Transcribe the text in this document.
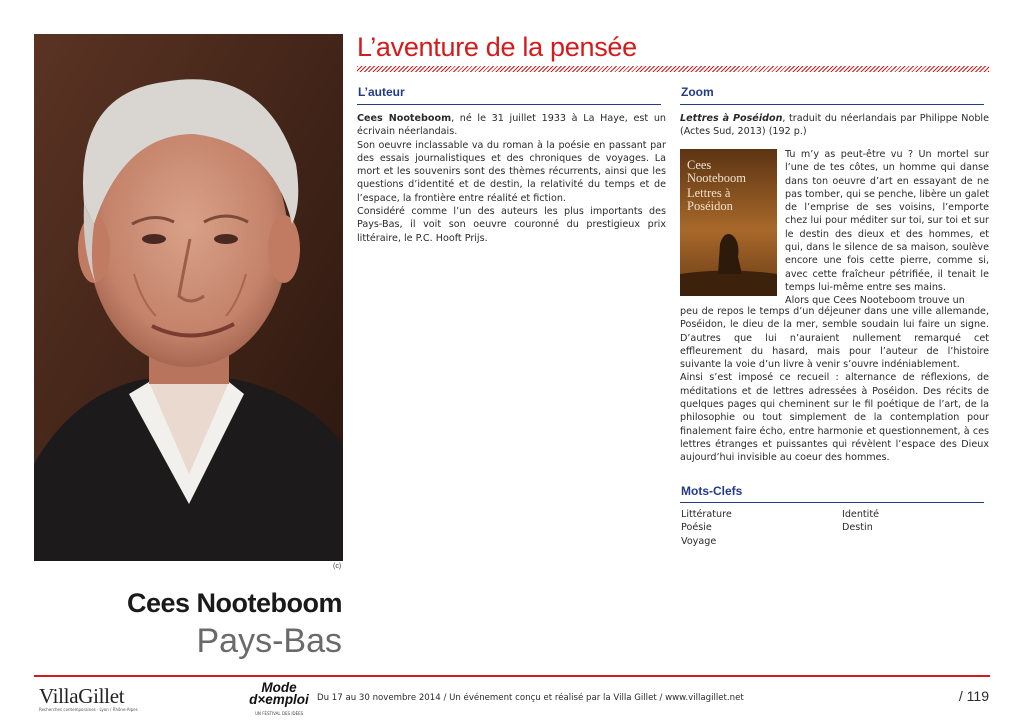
(c)
Cees Nooteboom
Pays-Bas
L’aventure de la pensée
L’auteur

Cees Nooteboom, né le 31 juillet 1933 à La Haye, est un écrivain néerlandais.

Son oeuvre inclassable va du roman à la poésie en passant par des essais journalistiques et des chroniques de voyages. La mort et les souvenirs sont des thèmes récurrents, ainsi que les questions d’identité et de destin, la relativité du temps et de l’espace, la frontière entre réalité et fiction.

Considéré comme l’un des auteurs les plus importants des Pays-Bas, il voit son oeuvre couronné du prestigieux prix littéraire, le P.C. Hooft Prijs.

Zoom

Lettres à Poséidon, traduit du néerlandais par Philippe Noble (Actes Sud, 2013) (192 p.)

Cees Nooteboom
Lettres à Poséidon

Tu m’y as peut-être vu ? Un mortel sur l’une de tes côtes, un homme qui danse dans ton oeuvre d’art en essayant de ne pas tomber, qui se penche, libère un galet de l’emprise de ses voisins, l’emporte chez lui pour méditer sur toi, sur toi et sur le destin des dieux et des hommes, et qui, dans le silence de sa maison, soulève encore une fois cette pierre, comme si, avec cette fraîcheur pétrifiée, il tenait le temps lui-même entre ses mains.

Alors que Cees Nooteboom trouve un

peu de repos le temps d’un déjeuner dans une ville allemande, Poséidon, le dieu de la mer, semble soudain lui faire un signe. D’autres que lui n’auraient nullement remarqué cet effleurement du hasard, mais pour l’auteur de l’histoire suivante la voie d’un livre à venir s’ouvre indéniablement.

Ainsi s’est imposé ce recueil : alternance de réflexions, de méditations et de lettres adressées à Poséidon. Des récits de quelques pages qui cheminent sur le fil poétique de l’art, de la philosophie ou tout simplement de la contemplation pour finalement faire écho, entre harmonie et questionnement, à ces lettres étranges et puissantes qui révèlent l’espace des Dieux aujourd’hui invisible au coeur des hommes.

Mots-Clefs
Littérature
Poésie
Voyage
Identité
Destin
VillaGillet
Recherches contemporaines · Lyon / Rhône-Alpes
Mode
d×emploi
UN FESTIVAL DES IDÉES
Du 17 au 30 novembre 2014 / Un événement conçu et réalisé par la Villa Gillet / www.villagillet.net	/ 119
